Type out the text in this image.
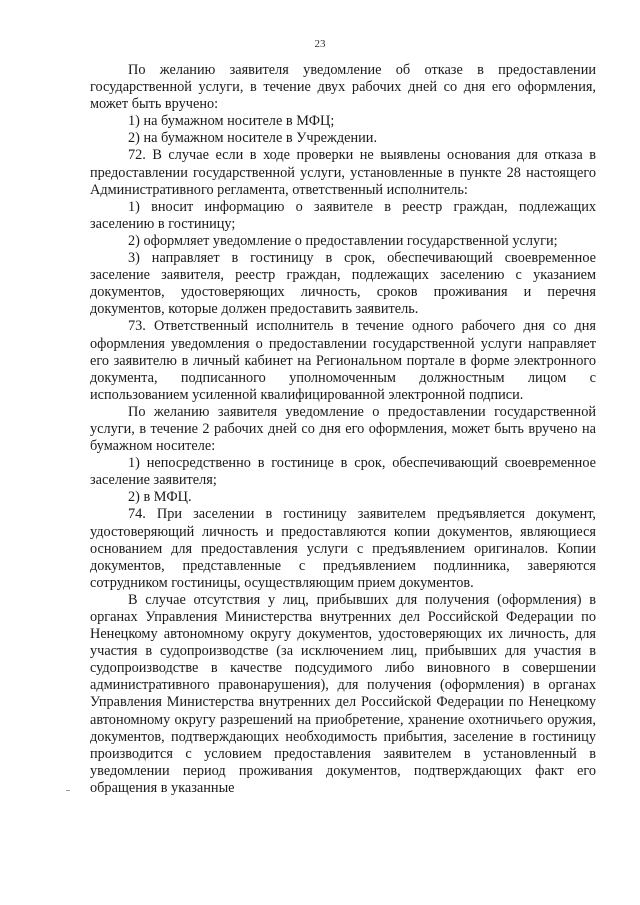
23

По желанию заявителя уведомление об отказе в предоставлении государственной услуги, в течение двух рабочих дней со дня его оформления, может быть вручено:

1) на бумажном носителе в МФЦ;

2) на бумажном носителе в Учреждении.

72. В случае если в ходе проверки не выявлены основания для отказа в предоставлении государственной услуги, установленные в пункте 28 настоящего Административного регламента, ответственный исполнитель:

1) вносит информацию о заявителе в реестр граждан, подлежащих заселению в гостиницу;

2) оформляет уведомление о предоставлении государственной услуги;

3) направляет в гостиницу в срок, обеспечивающий своевременное заселение заявителя, реестр граждан, подлежащих заселению с указанием документов, удостоверяющих личность, сроков проживания и перечня документов, которые должен предоставить заявитель.

73. Ответственный исполнитель в течение одного рабочего дня со дня оформления уведомления о предоставлении государственной услуги направляет его заявителю в личный кабинет на Региональном портале в форме электронного документа, подписанного уполномоченным должностным лицом с использованием усиленной квалифицированной электронной подписи.

По желанию заявителя уведомление о предоставлении государственной услуги, в течение 2 рабочих дней со дня его оформления, может быть вручено на бумажном носителе:

1) непосредственно в гостинице в срок, обеспечивающий своевременное заселение заявителя;

2) в МФЦ.

74. При заселении в гостиницу заявителем предъявляется документ, удостоверяющий личность и предоставляются копии документов, являющиеся основанием для предоставления услуги с предъявлением оригиналов. Копии документов, представленные с предъявлением подлинника, заверяются сотрудником гостиницы, осуществляющим прием документов.

В случае отсутствия у лиц, прибывших для получения (оформления) в органах Управления Министерства внутренних дел Российской Федерации по Ненецкому автономному округу документов, удостоверяющих их личность, для участия в судопроизводстве (за исключением лиц, прибывших для участия в судопроизводстве в качестве подсудимого либо виновного в совершении административного правонарушения), для получения (оформления) в органах Управления Министерства внутренних дел Российской Федерации по Ненецкому автономному округу разрешений на приобретение, хранение охотничьего оружия, документов, подтверждающих необходимость прибытия, заселение в гостиницу производится с условием предоставления заявителем в установленный в уведомлении период проживания документов, подтверждающих факт его обращения в указанные
